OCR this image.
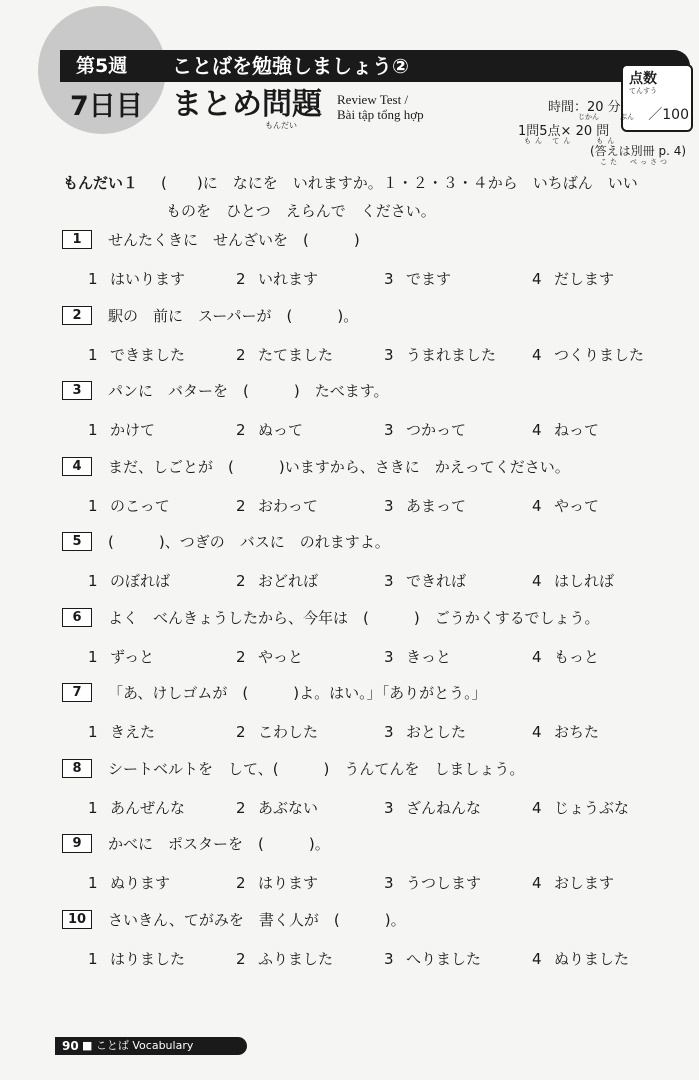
第5週 ことばを勉強しましょう②
点数
てんすう
／100
7日目 まとめ問題
もんだい
Review Test /
Bài tập tổng hợp	時間：20 分
じかん　　　ぷん
1問5点× 20 問
もん てん　　もん
(答えは別冊 p. 4)
こた　べっさつ
もんだい１ (　　)に　なにを　いれますか。１・２・３・４から　いちばん　いい
ものを　ひとつ　えらんで　ください。
1	せんたくきに　せんざいを　(　　　)
1 はいります	2 いれます	3 でます	4 だします
2	駅の　前に　スーパーが　(　　　)。
1 できました	2 たてました	3 うまれました 4 つくりました
3	パンに　バターを　(　　　)　たべます。
1 かけて	2 ぬって	3 つかって	4 ねって
4	まだ、しごとが　(　　　)いますから、さきに　かえってください。
1 のこって	2 おわって	3 あまって	4 やって
5	(　　　)、つぎの　バスに　のれますよ。
1 のぼれば	2 おどれば	3 できれば	4 はしれば
6	よく　べんきょうしたから、今年は　(　　　)　ごうかくするでしょう。
1 ずっと	2 やっと	3 きっと	4 もっと
7	「あ、けしゴムが　(　　　)よ。はい。」「ありがとう。」
1 きえた	2 こわした	3 おとした	4 おちた
8	シートベルトを　して、(　　　)　うんてんを　しましょう。
1 あんぜんな	2 あぶない	3 ざんねんな	4 じょうぶな
9	かべに　ポスターを　(　　　)。
1 ぬります	2 はります	3 うつします	4 おします
10	さいきん、てがみを　書く人が　(　　　)。
1 はりました	2 ふりました	3 へりました	4 ぬりました
90 ■ ことば Vocabulary
